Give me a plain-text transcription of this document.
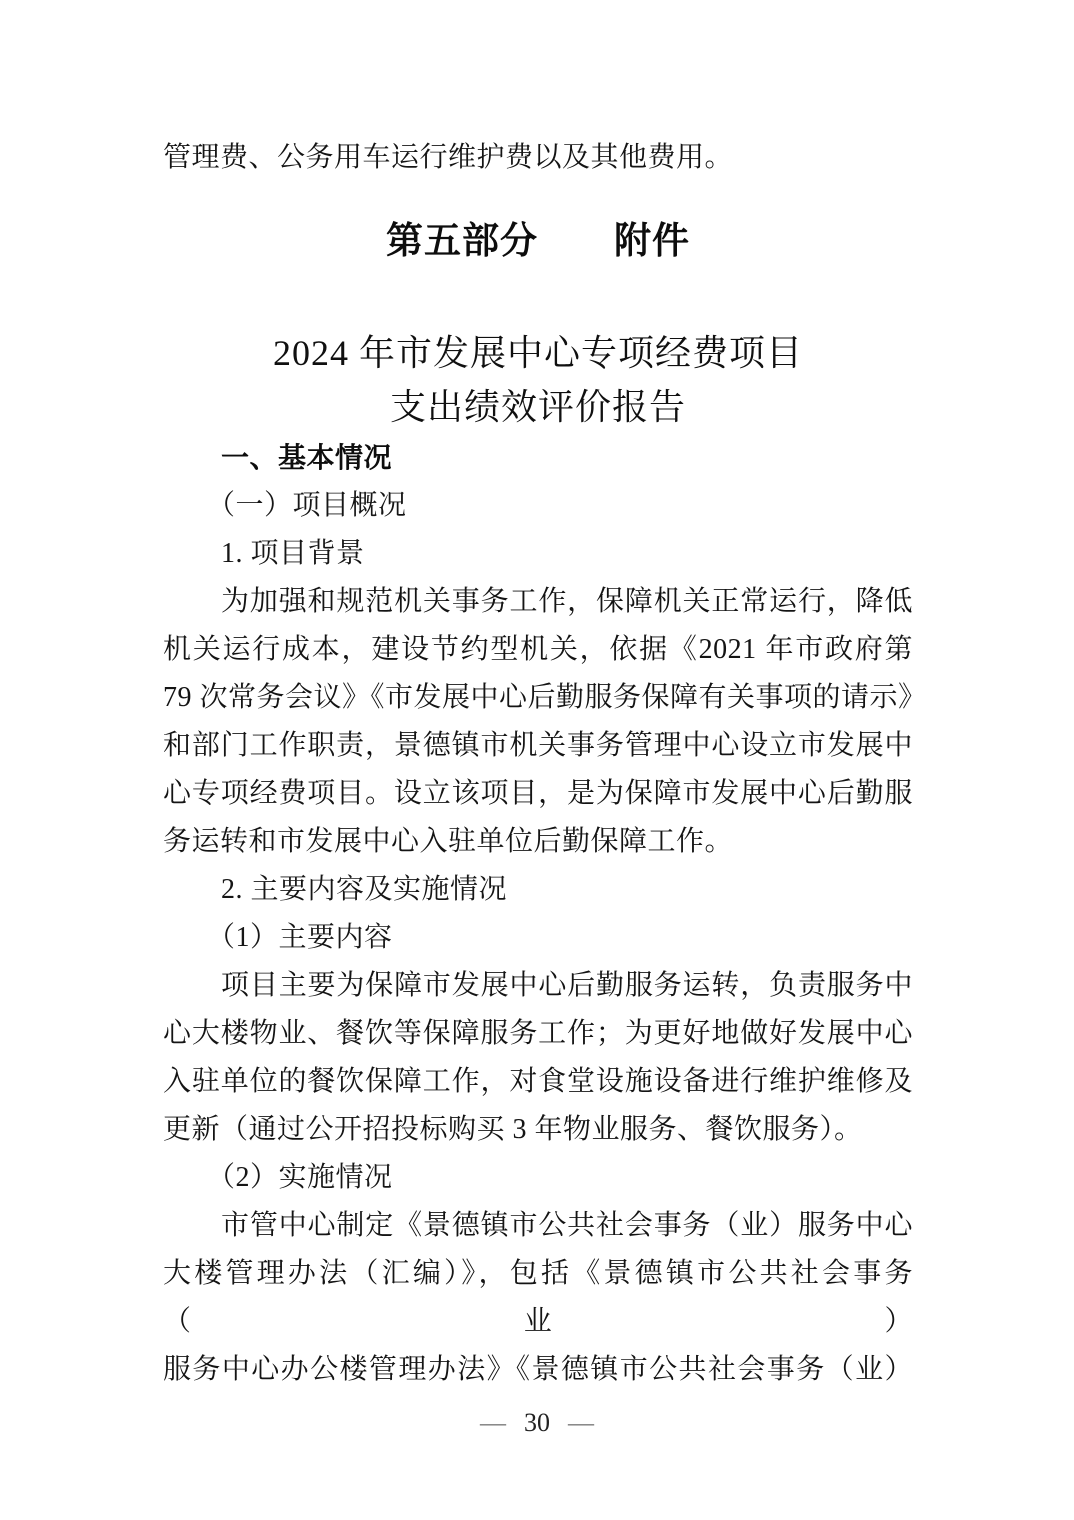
管理费、公务用车运行维护费以及其他费用。
第五部分　　附件
2024 年市发展中心专项经费项目
支出绩效评价报告
一、基本情况
（一）项目概况
1. 项目背景
为加强和规范机关事务工作，保障机关正常运行，降低
机关运行成本，建设节约型机关，依据《2021 年市政府第
79 次常务会议》《市发展中心后勤服务保障有关事项的请示》
和部门工作职责，景德镇市机关事务管理中心设立市发展中
心专项经费项目。设立该项目，是为保障市发展中心后勤服
务运转和市发展中心入驻单位后勤保障工作。
2. 主要内容及实施情况
（1）主要内容
项目主要为保障市发展中心后勤服务运转，负责服务中
心大楼物业、餐饮等保障服务工作；为更好地做好发展中心
入驻单位的餐饮保障工作，对食堂设施设备进行维护维修及
更新（通过公开招投标购买 3 年物业服务、餐饮服务）。
（2）实施情况
市管中心制定《景德镇市公共社会事务（业）服务中心
大楼管理办法（汇编）》，包括《景德镇市公共社会事务（业）
服务中心办公楼管理办法》《景德镇市公共社会事务（业）
— 30 —
